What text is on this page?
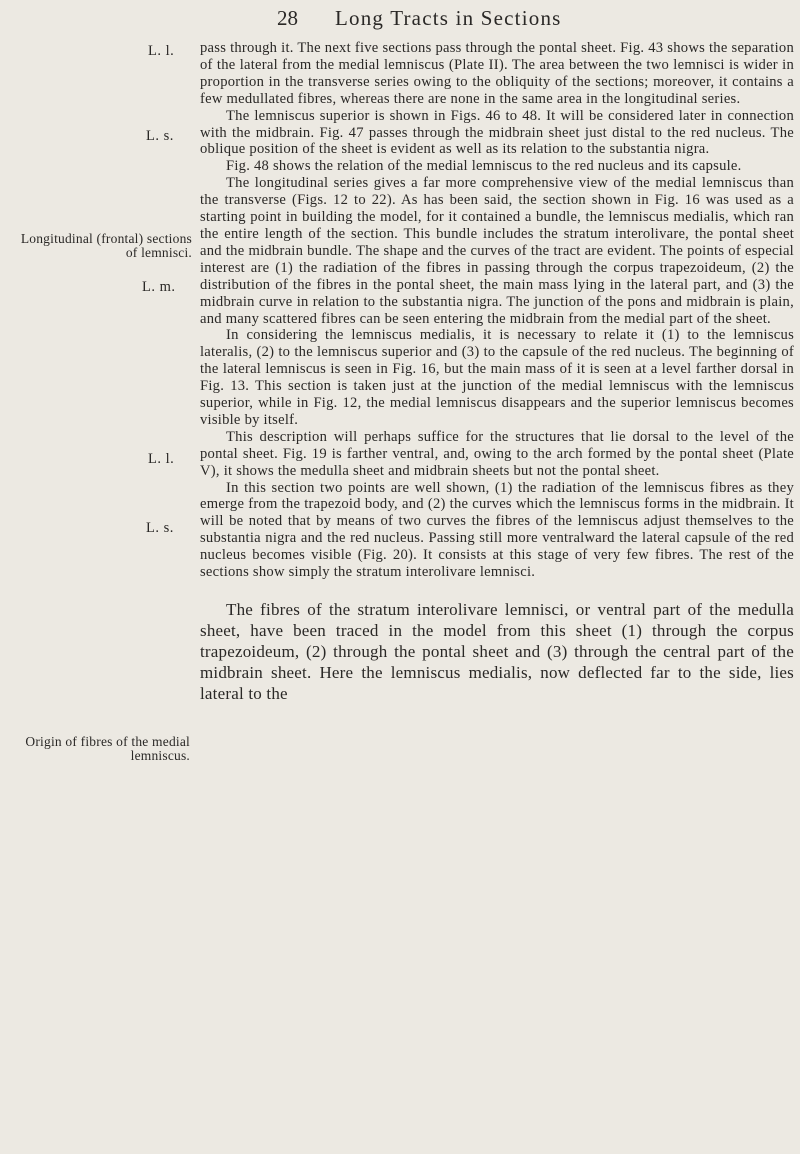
28 Long Tracts in Sections
L. l.
L. s.
Longitudinal (frontal) sections of lemnisci.
L. m.
L. l.
L. s.
Origin of fibres of the medial lemniscus.

pass through it. The next five sections pass through the pontal sheet. Fig. 43 shows the separation of the lateral from the medial lemniscus (Plate II). The area between the two lemnisci is wider in proportion in the transverse series owing to the obliquity of the sections; moreover, it contains a few medullated fibres, whereas there are none in the same area in the longitudinal series.

The lemniscus superior is shown in Figs. 46 to 48. It will be considered later in connection with the midbrain. Fig. 47 passes through the midbrain sheet just distal to the red nucleus. The oblique position of the sheet is evident as well as its relation to the substantia nigra.

Fig. 48 shows the relation of the medial lemniscus to the red nucleus and its capsule.

The longitudinal series gives a far more comprehensive view of the medial lemniscus than the transverse (Figs. 12 to 22). As has been said, the section shown in Fig. 16 was used as a starting point in building the model, for it contained a bundle, the lemniscus medialis, which ran the entire length of the section. This bundle includes the stratum interolivare, the pontal sheet and the midbrain bundle. The shape and the curves of the tract are evident. The points of especial interest are (1) the radiation of the fibres in passing through the corpus trapezoideum, (2) the distribution of the fibres in the pontal sheet, the main mass lying in the lateral part, and (3) the midbrain curve in relation to the substantia nigra. The junction of the pons and midbrain is plain, and many scattered fibres can be seen entering the midbrain from the medial part of the sheet.

In considering the lemniscus medialis, it is necessary to relate it (1) to the lemniscus lateralis, (2) to the lemniscus superior and (3) to the capsule of the red nucleus. The beginning of the lateral lemniscus is seen in Fig. 16, but the main mass of it is seen at a level farther dorsal in Fig. 13. This section is taken just at the junction of the medial lemniscus with the lemniscus superior, while in Fig. 12, the medial lemniscus disappears and the superior lemniscus becomes visible by itself.

This description will perhaps suffice for the structures that lie dorsal to the level of the pontal sheet. Fig. 19 is farther ventral, and, owing to the arch formed by the pontal sheet (Plate V), it shows the medulla sheet and midbrain sheets but not the pontal sheet.

In this section two points are well shown, (1) the radiation of the lemniscus fibres as they emerge from the trapezoid body, and (2) the curves which the lemniscus forms in the midbrain. It will be noted that by means of two curves the fibres of the lemniscus adjust themselves to the substantia nigra and the red nucleus. Passing still more ventralward the lateral capsule of the red nucleus becomes visible (Fig. 20). It consists at this stage of very few fibres. The rest of the sections show simply the stratum interolivare lemnisci.

The fibres of the stratum interolivare lemnisci, or ventral part of the medulla sheet, have been traced in the model from this sheet (1) through the corpus trapezoideum, (2) through the pontal sheet and (3) through the central part of the midbrain sheet. Here the lemniscus medialis, now deflected far to the side, lies lateral to the
